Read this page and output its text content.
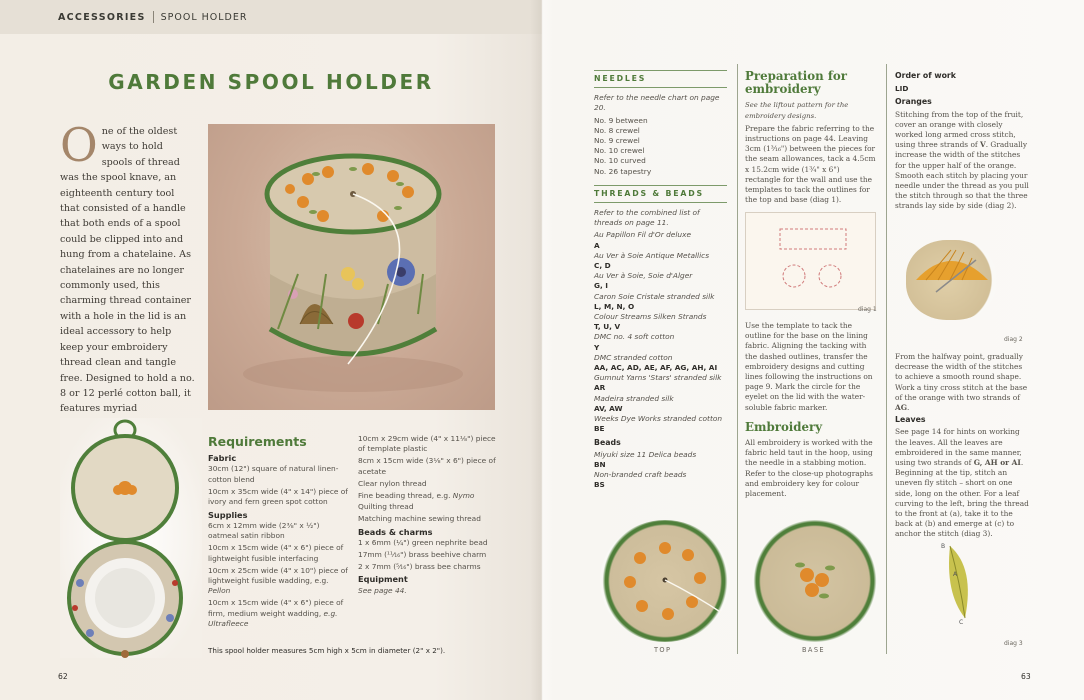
ACCESSORIES SPOOL HOLDER
GARDEN SPOOL HOLDER
One of the oldest ways to hold spools of thread was the spool knave, an eighteenth century tool that consisted of a handle that both ends of a spool could be clipped into and hung from a chatelaine. As chatelaines are no longer commonly used, this charming thread container with a hole in the lid is an ideal accessory to help keep your embroidery thread clean and tangle free. Designed to hold a no. 8 or 12 perlé cotton ball, it features myriad
Requirements
Fabric

30cm (12") square of natural linen-cotton blend

10cm x 35cm wide (4" x 14") piece of ivory and fern green spot cotton

Supplies

6cm x 12mm wide (2⅜" x ½") oatmeal satin ribbon

10cm x 15cm wide (4" x 6") piece of lightweight fusible interfacing

10cm x 25cm wide (4" x 10") piece of lightweight fusible wadding, e.g. Pellon

10cm x 15cm wide (4" x 6") piece of firm, medium weight wadding, e.g. Ultrafleece

10cm x 29cm wide (4" x 11⅛") piece of template plastic

8cm x 15cm wide (3⅛" x 6") piece of acetate

Clear nylon thread

Fine beading thread, e.g. Nymo

Quilting thread

Matching machine sewing thread

Beads & charms

1 x 6mm (¼") green nephrite bead

17mm (¹¹⁄₁₆") brass beehive charm

2 x 7mm (⁵⁄₁₆") brass bee charms

Equipment

See page 44.

This spool holder measures 5cm high x 5cm in diameter (2" x 2").
62
NEEDLES

Refer to the needle chart on page 20.

No. 9 between

No. 8 crewel

No. 9 crewel

No. 10 crewel

No. 10 curved

No. 26 tapestry

THREADS & BEADS

Refer to the combined list of threads on page 11.

Au Papillon Fil d'Or deluxe

A

Au Ver à Soie Antique Metallics

C, D

Au Ver à Soie, Soie d'Alger

G, I

Caron Soie Cristale stranded silk

L, M, N, O

Colour Streams Silken Strands

T, U, V

DMC no. 4 soft cotton

Y

DMC stranded cotton

AA, AC, AD, AE, AF, AG, AH, AI

Gumnut Yarns 'Stars' stranded silk

AR

Madeira stranded silk

AV, AW

Weeks Dye Works stranded cotton

BE

Beads

Miyuki size 11 Delica beads

BN

Non-branded craft beads

BS

Preparation for embroidery

See the liftout pattern for the embroidery designs.

Prepare the fabric referring to the instructions on page 44. Leaving 3cm (1³⁄₁₆") between the pieces for the seam allowances, tack a 4.5cm x 15.2cm wide (1¾" x 6") rectangle for the wall and use the templates to tack the outlines for the top and base (diag 1).

diag 1

Use the template to tack the outline for the base on the lining fabric. Aligning the tacking with the dashed outlines, transfer the embroidery designs and cutting lines following the instructions on page 9. Mark the circle for the eyelet on the lid with the water-soluble fabric marker.

Embroidery

All embroidery is worked with the fabric held taut in the hoop, using the needle in a stabbing motion.

Refer to the close-up photographs and embroidery key for colour placement.

Order of work
LID
Oranges

Stitching from the top of the fruit, cover an orange with closely worked long armed cross stitch, using three strands of V. Gradually increase the width of the stitches for the upper half of the orange.

Smooth each stitch by placing your needle under the thread as you pull the stitch through so that the three strands lay side by side (diag 2).

diag 2

From the halfway point, gradually decrease the width of the stitches to achieve a smooth round shape. Work a tiny cross stitch at the base of the orange with two strands of AG.

Leaves

See page 14 for hints on working the leaves. All the leaves are embroidered in the same manner, using two strands of G, AH or AI. Beginning at the tip, stitch an uneven fly stitch – short on one side, long on the other. For a leaf curving to the left, bring the thread to the front at (a), take it to the back at (b) and emerge at (c) to anchor the stitch (diag 3).

B
A
C
diag 3
TOP	BASE
63
